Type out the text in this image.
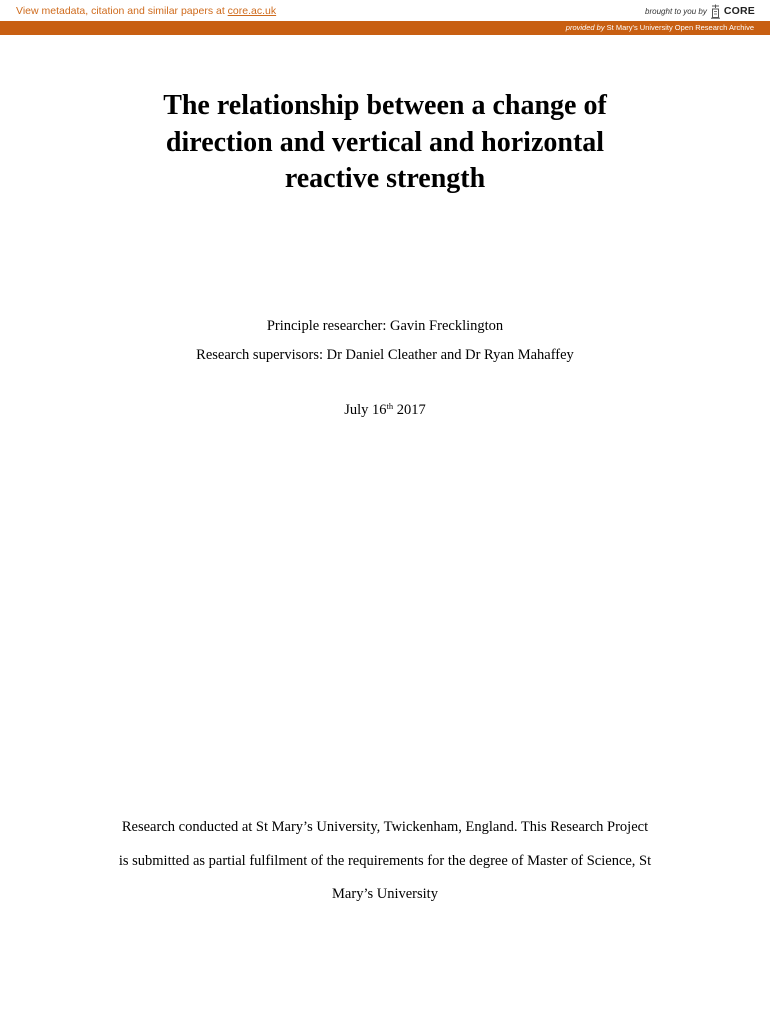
View metadata, citation and similar papers at core.ac.uk	brought to you by CORE
provided by St Mary's University Open Research Archive
The relationship between a change of
direction and vertical and horizontal
reactive strength

Principle researcher: Gavin Frecklington

Research supervisors: Dr Daniel Cleather and Dr Ryan Mahaffey

July 16th 2017

Research conducted at St Mary’s University, Twickenham, England. This Research Project
is submitted as partial fulfilment of the requirements for the degree of Master of Science, St
Mary’s University
